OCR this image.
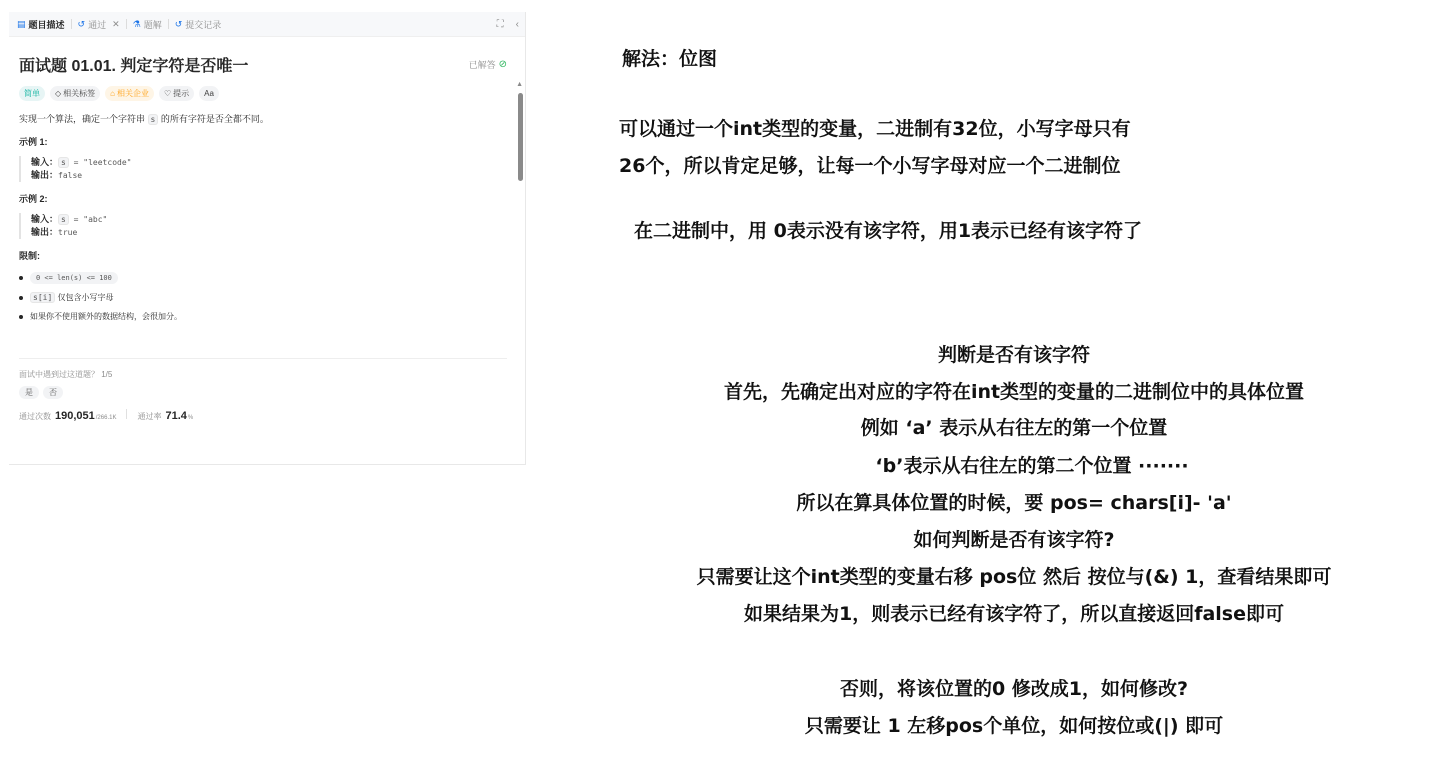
▤ 题目描述 ↺ 通过 ✕ ⚗ 题解 ↺ 提交记录	⛶ ‹
▲
面试题 01.01. 判定字符是否唯一	已解答 ⊘
简单	◇ 相关标签 ⌂ 相关企业 ♡ 提示 Aa
实现一个算法，确定一个字符串 s 的所有字符是否全都不同。
示例 1:
输入： s = "leetcode"
输出：false
示例 2:
输入： s = "abc"
输出：true
限制:
0 <= len(s) <= 100
s[i]
仅包含小写字母
如果你不使用额外的数据结构，会很加分。
面试中遇到过这道题？ 1/5
是	否
通过次数 190,051 /266.1K	通过率 71.4 %
解法：位图
可以通过一个int类型的变量，二进制有32位，小写字母只有
26个，所以肯定足够，让每一个小写字母对应一个二进制位
在二进制中，用 0表示没有该字符，用1表示已经有该字符了
判断是否有该字符
首先，先确定出对应的字符在int类型的变量的二进制位中的具体位置
例如 ‘a’ 表示从右往左的第一个位置
‘b’表示从右往左的第二个位置 ·······
所以在算具体位置的时候，要 pos= chars[i]- 'a'
如何判断是否有该字符?
只需要让这个int类型的变量右移 pos位 然后 按位与(&) 1，查看结果即可
如果结果为1，则表示已经有该字符了，所以直接返回false即可
否则，将该位置的0 修改成1，如何修改?
只需要让 1 左移pos个单位，如何按位或(|) 即可
